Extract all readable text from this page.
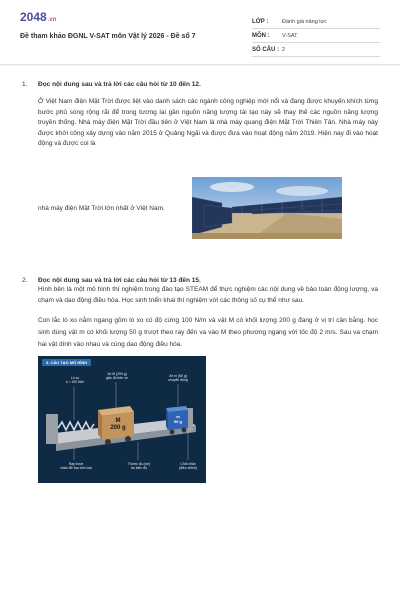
2048.vn
Đề tham khảo ĐGNL V-SAT môn Vật lý 2026 - Đề số 7
LỚP :	Đánh giá năng lực
MÔN :	V-SAT
SỐ CÂU : 2
1. Đọc nội dung sau và trả lời các câu hỏi từ 10 đến 12.
Ở Việt Nam điện Mặt Trời được liệt vào danh sách các ngành công nghiệp mới nổi và đang được khuyến khích từng bước phủ sóng rộng rãi để trong tương lai gần nguồn năng lượng tái tạo này sẽ thay thế các nguồn năng lượng truyền thống. Nhà máy điện Mặt Trời đầu tiên ở Việt Nam là nhà máy quang điện Mặt Trời Thiên Tân. Nhà máy này được khởi công xây dựng vào năm 2015 ở Quảng Ngãi và được đưa vào hoạt động năm 2019. Hiện nay đi vào hoạt động và được coi là
nhà máy điện Mặt Trời lớn nhất ở Việt Nam.
2. Đọc nội dung sau và trả lời các câu hỏi từ 13 đến 15.
Hình bên là một mô hình thí nghiệm trong đào tạo STEAM để thực nghiệm các nội dung về bảo toàn động lượng, va chạm và dao động điều hòa. Học sinh triển khai thí nghiệm với các thông số cụ thể như sau.
Con lắc lò xo nằm ngang gồm lò xo có độ cứng 100 N/m và vật M có khối lượng 200 g đang ở vị trí cân bằng. học sinh dùng vật m có khối lượng 50 g trượt theo ray đến va vào M theo phương ngang với tốc độ 2 m/s. Sau va chạm hai vật dính vào nhau và cùng dao động điều hòa.
3. CẤU TẠO MÔ HÌNH
Lò xo
k = 100 N/m
Xe M (200 g)
gắn đồ trên xe	Xe m (50 g)
chuyển động
Ray trượt
chân đỡ bọc kim loại
Thước đo (cm)
do biên độ
Chốt chặn
(điều chỉnh)
M
200 g
m
50 g
